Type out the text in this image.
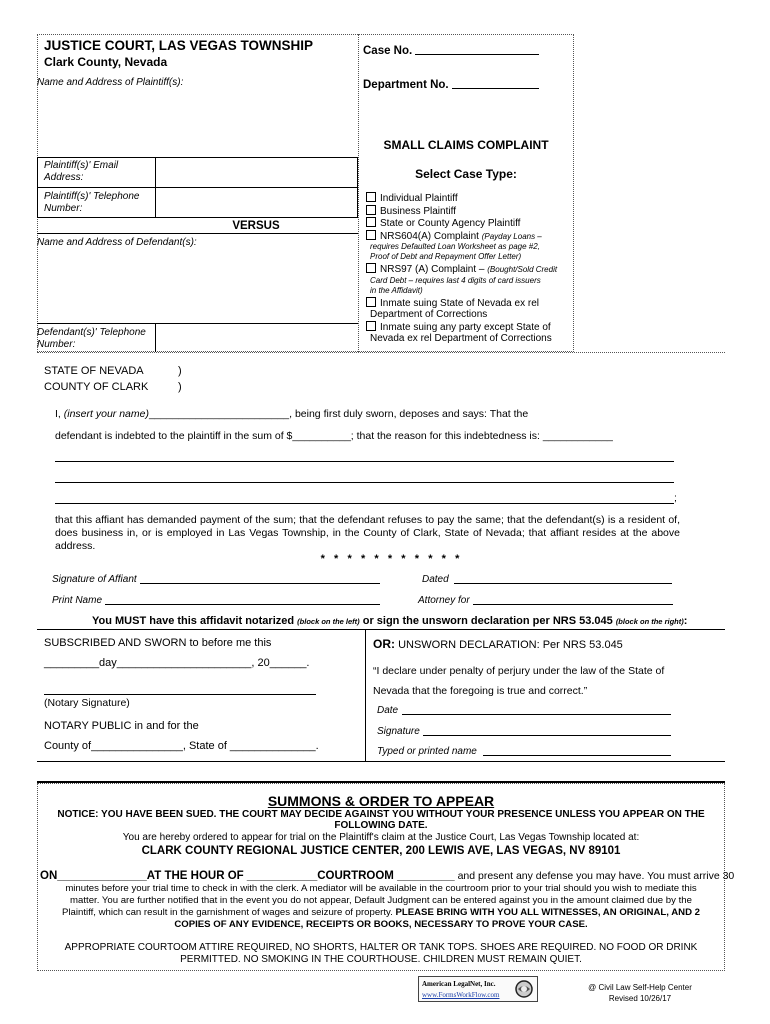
JUSTICE COURT, LAS VEGAS TOWNSHIP
Clark County, Nevada
Name and Address of Plaintiff(s):
Case No.
Department No.
SMALL CLAIMS COMPLAINT
Select Case Type:
Plaintiff(s)' Email Address:
Plaintiff(s)' Telephone Number:
VERSUS
Name and Address of Defendant(s):
Defendant(s)' Telephone Number:
Individual Plaintiff
Business Plaintiff
State or County Agency Plaintiff
NRS604(A) Complaint (Payday Loans –
requires Defaulted Loan Worksheet as page #2,
Proof of Debt and Repayment Offer Letter)
NRS97 (A) Complaint – (Bought/Sold Credit
Card Debt – requires last 4 digits of card issuers
in the Affidavit)
Inmate suing State of Nevada ex rel
Department of Corrections
Inmate suing any party except State of
Nevada ex rel Department of Corrections
STATE OF NEVADA	)
COUNTY OF CLARK	)
I, (insert your name)________________________, being first duly sworn, deposes and says: That the
defendant is indebted to the plaintiff in the sum of $__________; that the reason for this indebtedness is: ____________
;
that this affiant has demanded payment of the sum; that the defendant refuses to pay the same; that the defendant(s) is a resident of, does business in, or is employed in Las Vegas Township, in the County of Clark, State of Nevada; that affiant resides at the above address.
*   *   *   *   *   *   *   *   *   *   *
Signature of Affiant	Dated
Print Name	Attorney for
You MUST have this affidavit notarized (block on the left) or sign the unsworn declaration per NRS 53.045 (block on the right):
SUBSCRIBED AND SWORN to before me this
_________day______________________, 20______.
(Notary Signature)
NOTARY PUBLIC in and for the
County of_______________, State of ______________.
OR: UNSWORN DECLARATION: Per NRS 53.045
“I declare under penalty of perjury under the law of the State of
Nevada that the foregoing is true and correct.”
Date
Signature
Typed or printed name
SUMMONS & ORDER TO APPEAR
NOTICE: YOU HAVE BEEN SUED. THE COURT MAY DECIDE AGAINST YOU WITHOUT YOUR PRESENCE UNLESS YOU APPEAR ON THE
FOLLOWING DATE.
You are hereby ordered to appear for trial on the Plaintiff's claim at the Justice Court, Las Vegas Township located at:
CLARK COUNTY REGIONAL JUSTICE CENTER, 200 LEWIS AVE, LAS VEGAS, NV 89101
ON______________AT THE HOUR OF ___________COURTROOM _________ and present any defense you may have. You must arrive 30
minutes before your trial time to check in with the clerk. A mediator will be available in the courtroom prior to your trial should you wish to mediate this
matter. You are further notified that in the event you do not appear, Default Judgment can be entered against you in the amount claimed due by the
Plaintiff, which can result in the garnishment of wages and seizure of property. PLEASE BRING WITH YOU ALL WITNESSES, AN ORIGINAL, AND 2
COPIES OF ANY EVIDENCE, RECEIPTS OR BOOKS, NECESSARY TO PROVE YOUR CASE.
APPROPRIATE COURTOOM ATTIRE REQUIRED, NO SHORTS, HALTER OR TANK TOPS. SHOES ARE REQUIRED. NO FOOD OR DRINK
PERMITTED. NO SMOKING IN THE COURTHOUSE. CHILDREN MUST REMAIN QUIET.
American LegalNet, Inc.
www.FormsWorkFlow.com
@ Civil Law Self-Help Center
Revised 10/26/17
